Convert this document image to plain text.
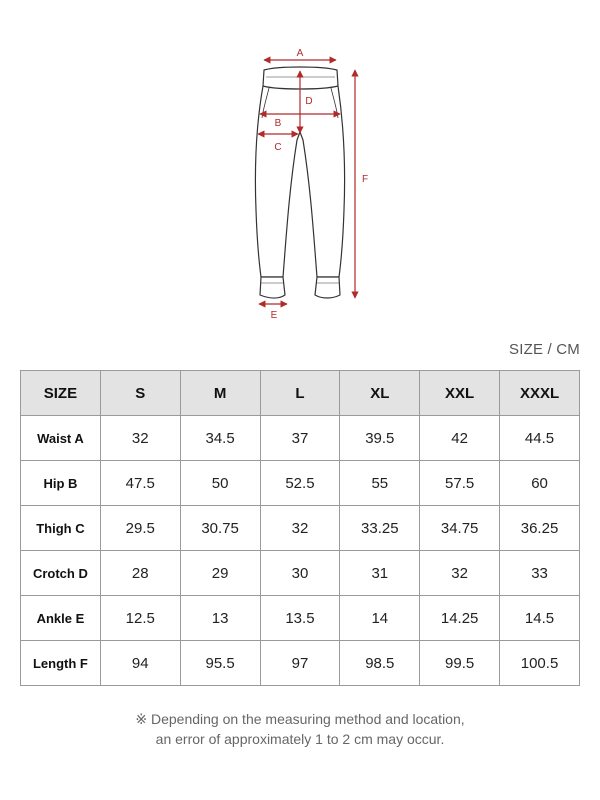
A
B
C
D
E
F
SIZE / CM
SIZE	S	M	L	XL	XXL	XXXL
Waist A	32	34.5	37	39.5	42	44.5
Hip B	47.5	50	52.5	55	57.5	60
Thigh C	29.5	30.75	32	33.25	34.75	36.25
Crotch D	28	29	30	31	32	33
Ankle E	12.5	13	13.5	14	14.25	14.5
Length F	94	95.5	97	98.5	99.5	100.5
※ Depending on the measuring method and location,
an error of approximately 1 to 2 cm may occur.
